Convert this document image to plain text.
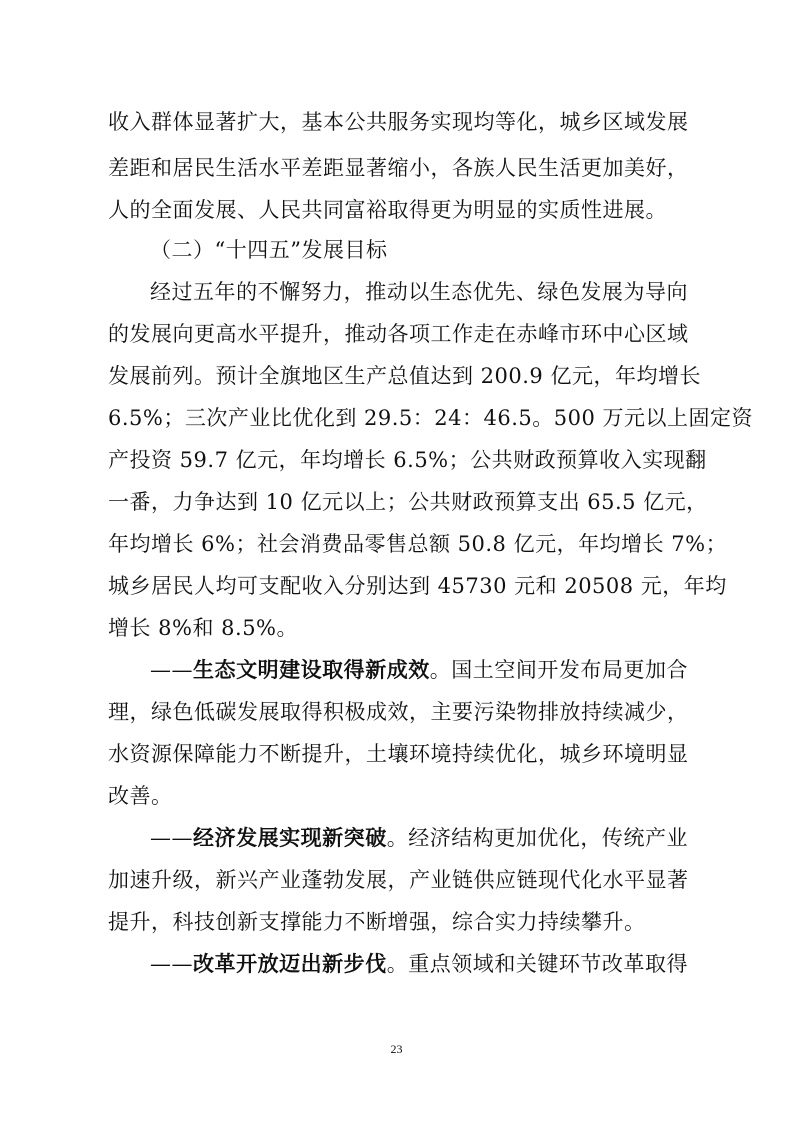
收入群体显著扩大，基本公共服务实现均等化，城乡区域发展
差距和居民生活水平差距显著缩小，各族人民生活更加美好，
人的全面发展、人民共同富裕取得更为明显的实质性进展。
（二）“十四五”发展目标
经过五年的不懈努力，推动以生态优先、绿色发展为导向
的发展向更高水平提升，推动各项工作走在赤峰市环中心区域
发展前列。预计全旗地区生产总值达到 200.9 亿元，年均增长
6.5%；三次产业比优化到 29.5：24：46.5。500 万元以上固定资
产投资 59.7 亿元，年均增长 6.5%；公共财政预算收入实现翻
一番，力争达到 10 亿元以上；公共财政预算支出 65.5 亿元，
年均增长 6%；社会消费品零售总额 50.8 亿元，年均增长 7%；
城乡居民人均可支配收入分别达到 45730 元和 20508 元，年均
增长 8%和 8.5%。
——生态文明建设取得新成效。国土空间开发布局更加合
理，绿色低碳发展取得积极成效，主要污染物排放持续减少，
水资源保障能力不断提升，土壤环境持续优化，城乡环境明显
改善。
——经济发展实现新突破。经济结构更加优化，传统产业
加速升级，新兴产业蓬勃发展，产业链供应链现代化水平显著
提升，科技创新支撑能力不断增强，综合实力持续攀升。
——改革开放迈出新步伐。重点领域和关键环节改革取得
23
